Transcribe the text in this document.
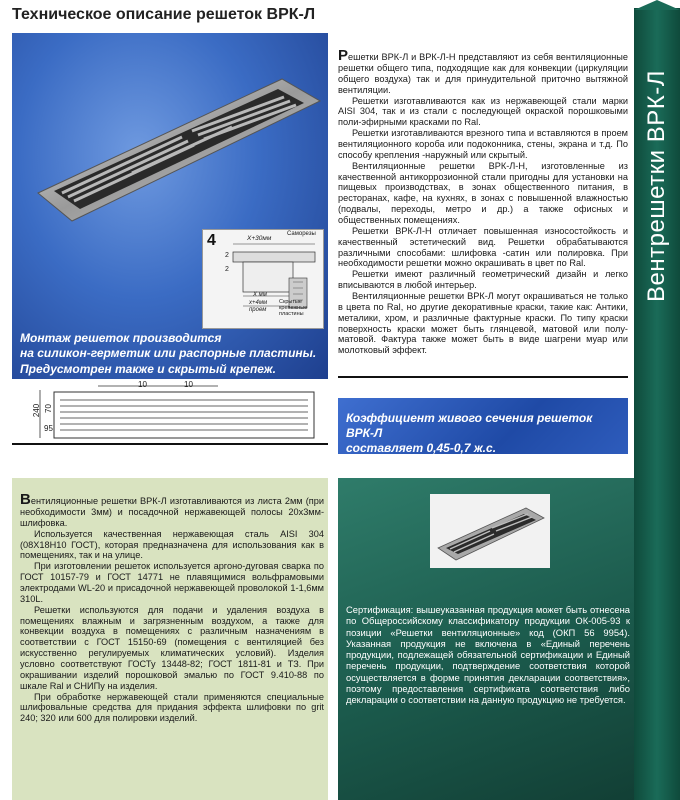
Техническое описание решеток ВРК-Л
Вентрешетки ВРК-Л
4	Х+30мм
Саморезы
2
2
Х мм
х+4мм
проем
Скрытые
крепежные
пластины
Монтаж решеток производится
на силикон-герметик или распорные пластины.
Предусмотрен также и скрытый крепеж.
240 70
10	10
95

Решетки ВРК-Л и ВРК-Л-Н представляют из себя вентиляционные решетки общего типа, подходящие как для конвекции (циркуляции общего воздуха) так и для принудительной приточно вытяжной вентиляции.

Решетки изготавливаются как из нержавеющей стали марки AISI 304, так и из стали с последующей окраской порошковыми поли-эфирными красками по Ral.

Решетки изготавливаются врезного типа и вставляются в проем вентиляционного короба или подоконника, стены, экрана и т.д. По способу крепления -наружный или скрытый.

Вентиляционные решетки ВРК-Л-Н, изготовленные из качественной антикоррозионной стали пригодны для установки на пищевых производствах, в зонах общественного питания, в ресторанах, кафе, на кухнях, в зонах с повышенной влажностью (подвалы, переходы, метро и др.) а также офисных и общественных помещениях.

Решетки ВРК-Л-Н отличает повышенная износостойкость и качественный эстетический вид. Решетки обрабатываются различными способами: шлифовка -сатин или полировка. При необходимости решетки можно окрашивать в цвет по Ral.

Решетки имеют различный геометрический дизайн и легко вписываются в любой интерьер.

Вентиляционные решетки ВРК-Л могут окрашиваться не только в цвета по Ral, но другие декоративные краски, такие как: Антики, металики, хром, и различные фактурные краски. По типу краски поверхность краски может быть глянцевой, матовой или полу-матовой. Фактура также может быть в виде шагрени муар или молотковый эффект.

Коэффициент живого сечения решеток ВРК-Л
составляет 0,45-0,7 ж.с.

Вентиляционные решетки ВРК-Л изготавливаются из листа 2мм (при необходимости 3мм) и посадочной нержавеющей полосы 20х3мм-шлифовка.

Используется качественная нержавеющая сталь AISI 304 (08Х18Н10 ГОСТ), которая предназначена для использования как в помещениях, так и на улице.

При изготовлении решеток используется аргоно-дуговая сварка по ГОСТ 10157-79 и ГОСТ 14771 не плавящимися вольфрамовыми электродами WL-20 и присадочной нержавеющей проволокой 1-1,6мм 310L.

Решетки используются для подачи и удаления воздуха в помещениях влажным и загрязненным воздухом, а также для конвекции воздуха в помещениях с различным назначениям в соответствии с ГОСТ 15150-69 (помещения с вентиляцией без искусственно регулируемых климатических условий). Изделия условно соответствуют ГОСТу 13448-82; ГОСТ 1811-81 и ТЗ. При окрашивании изделий порошковой эмалью по ГОСТ 9.410-88 по шкале Ral и СНИПу на изделия.

При обработке нержавеющей стали применяются специальные шлифовальные средства для придания эффекта шлифовки по grit 240; 320 или 600 для полировки изделий.

Сертификация: вышеуказанная продукция может быть отнесена по Общероссийскому классификатору продукции ОК-005-93 к позиции «Решетки вентиляционные» код (ОКП 56 9954). Указанная продукция не включена в «Единый перечень продукции, подлежащей обязательной сертификации и Единый перечень продукции, подтверждение соответствия которой осуществляется в форме принятия декларации соответствия», поэтому предоставления сертификата соответствия либо декларации о соответствии на данную продукцию не требуется.
